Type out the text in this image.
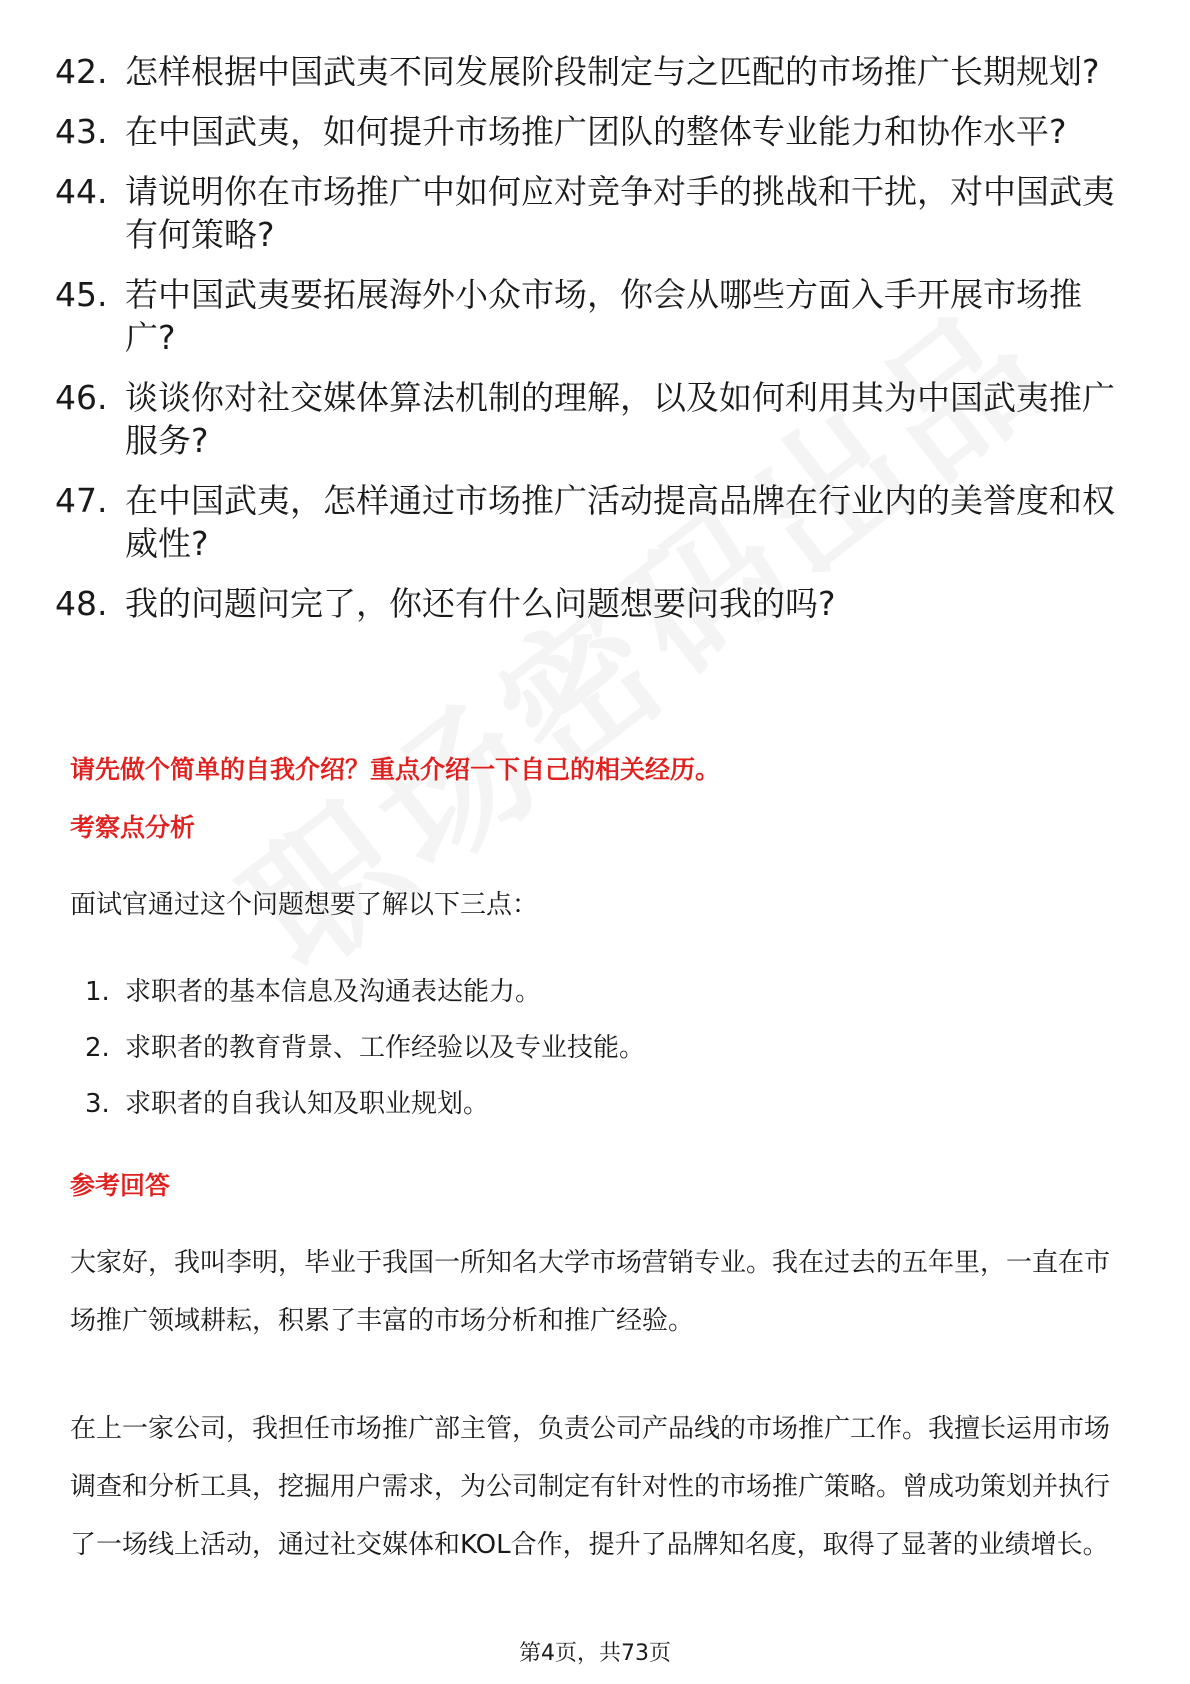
42. 怎样根据中国武夷不同发展阶段制定与之匹配的市场推广长期规划?
43. 在中国武夷，如何提升市场推广团队的整体专业能力和协作水平?
44. 请说明你在市场推广中如何应对竞争对手的挑战和干扰，对中国武夷有何策略?
45. 若中国武夷要拓展海外小众市场，你会从哪些方面入手开展市场推广?
46. 谈谈你对社交媒体算法机制的理解，以及如何利用其为中国武夷推广服务?
47. 在中国武夷，怎样通过市场推广活动提高品牌在行业内的美誉度和权威性?
48. 我的问题问完了，你还有什么问题想要问我的吗?
请先做个简单的自我介绍？重点介绍一下自己的相关经历。
考察点分析

面试官通过这个问题想要了解以下三点：

1. 求职者的基本信息及沟通表达能力。
2. 求职者的教育背景、工作经验以及专业技能。
3. 求职者的自我认知及职业规划。
参考回答

大家好，我叫李明，毕业于我国一所知名大学市场营销专业。我在过去的五年里，一直在市场推广领域耕耘，积累了丰富的市场分析和推广经验。

在上一家公司，我担任市场推广部主管，负责公司产品线的市场推广工作。我擅长运用市场调查和分析工具，挖掘用户需求，为公司制定有针对性的市场推广策略。曾成功策划并执行了一场线上活动，通过社交媒体和KOL合作，提升了品牌知名度，取得了显著的业绩增长。

第4页，共73页
